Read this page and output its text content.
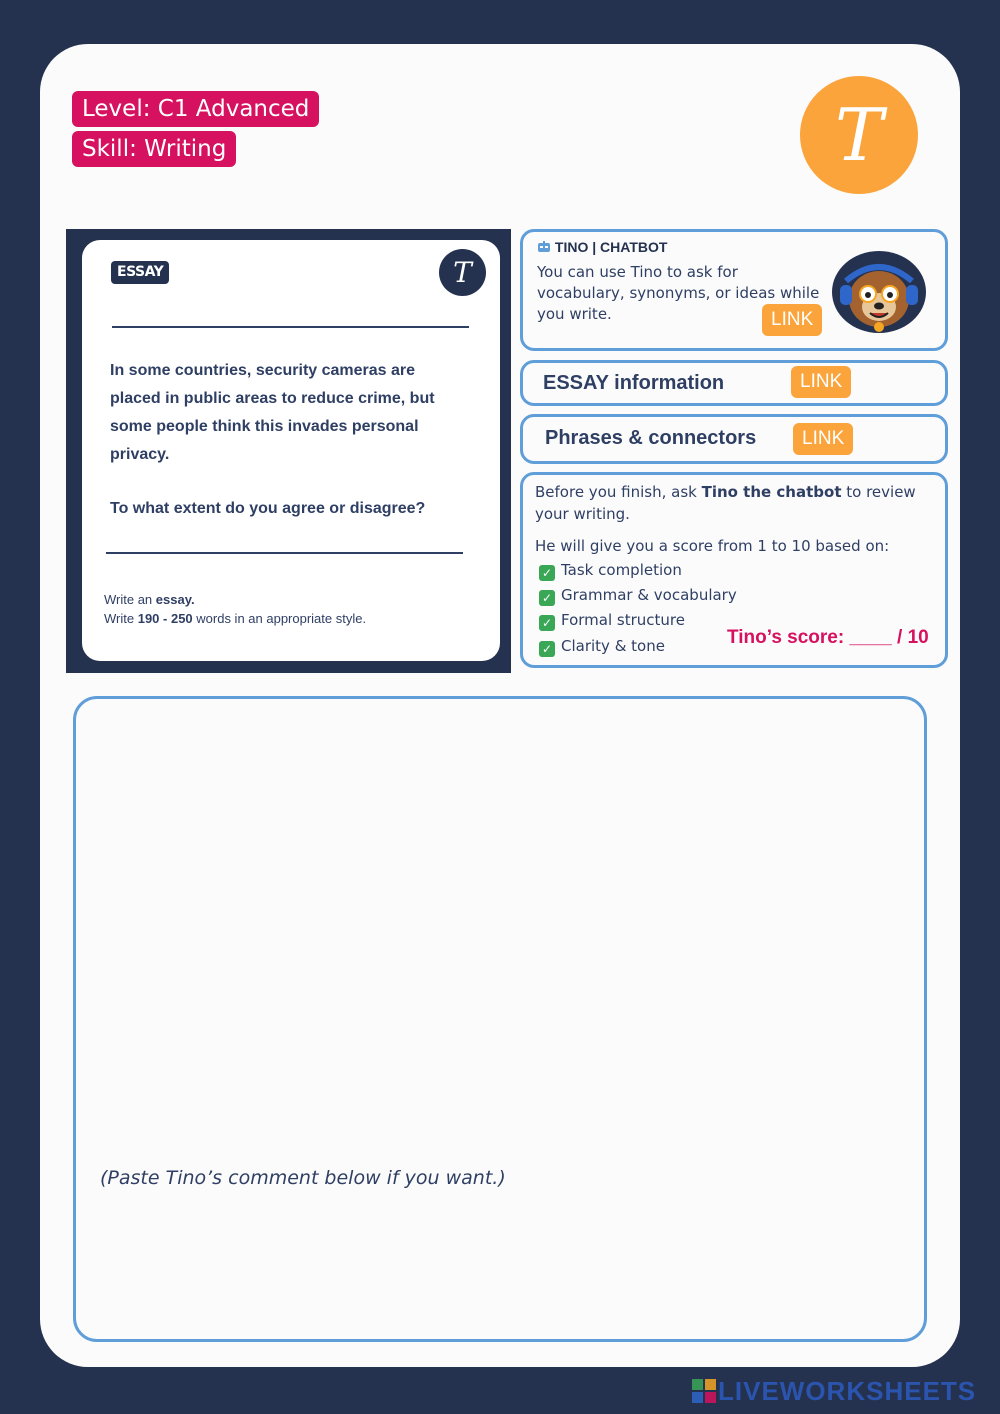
Level: C1 Advanced
Skill: Writing	T
ESSAY	T
In some countries, security cameras are placed in public areas to reduce crime, but some people think this invades personal privacy.
To what extent do you agree or disagree?
Write an essay.
Write 190 - 250 words in an appropriate style.
TINO | CHATBOT
You can use Tino to ask for vocabulary, synonyms, or ideas while you write.	LINK
ESSAY information	LINK
Phrases & connectors	LINK
Before you finish, ask Tino the chatbot to review your writing.
He will give you a score from 1 to 10 based on:
✓ Task completion
✓ Grammar & vocabulary
✓ Formal structure
✓ Clarity & tone	Tino’s score: ____ / 10
(Paste Tino’s comment below if you want.)
LIVEWORKSHEETS
